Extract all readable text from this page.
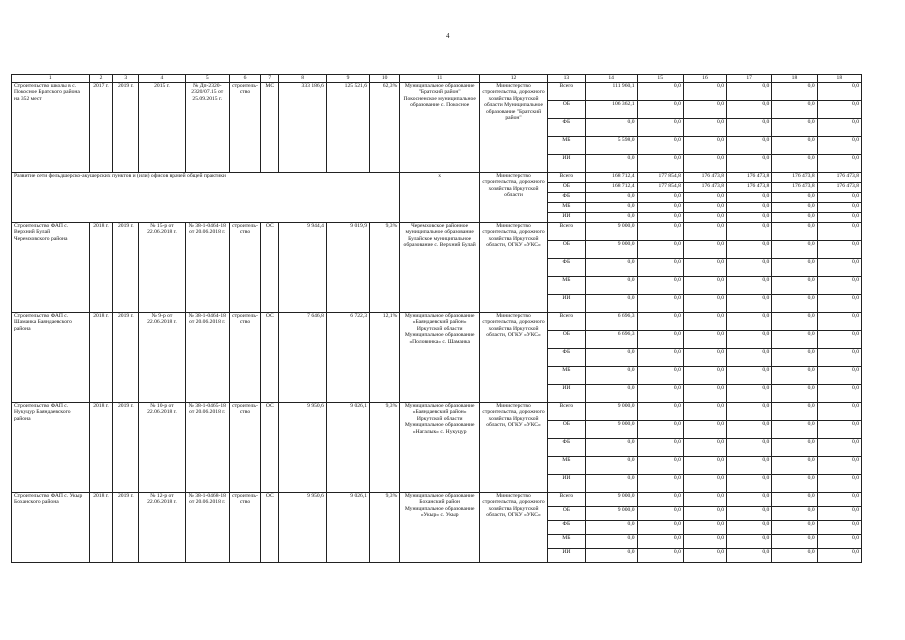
4
1	2	3	4	5	6	7	8	9	10	11	12	13	14	15	16	17	18	18
Строительство школы в с. Покосное Братского района на 352 мест	2017 г.	2019 г.	2015 г.	№ Дп-2320-2320/07.15 от 25.09.2015 г.	строитель-ство	МС	333 186,6	125 521,6	62,3%	Муниципальное образование "Братский район" Покосненское муниципальное образование с. Покосное	Министерство строительства, дорожного хозяйства Иркутской области Муниципальное образование "Братский район"	Всего	111 960,1	0,0	0,0	0,0	0,0	0,0
												ОБ	106 362,1	0,0	0,0	0,0	0,0	0,0
												ФБ	0,0	0,0	0,0	0,0	0,0	0,0
												МБ	5 598,0	0,0	0,0	0,0	0,0	0,0
												ИИ	0,0	0,0	0,0	0,0	0,0	0,0
Развитие сети фельдшерско-акушерских пунктов и (или) офисов врачей общей практики										х	Министерство строительства, дорожного хозяйства Иркутской области	Всего	168 712,4	177 854,8	176 473,8	176 473,8	176 473,8	176 473,8
												ОБ	168 712,4	177 854,8	176 473,8	176 473,8	176 473,8	176 473,8
												ФБ	0,0	0,0	0,0	0,0	0,0	0,0
												МБ	0,0	0,0	0,0	0,0	0,0	0,0
												ИИ	0,0	0,0	0,0	0,0	0,0	0,0
Строительство ФАП с. Верхний Булай Черемховского района	2018 г.	2019 г.	№ 15-р от 22.06.2018 г.	№ 38-1-0464-18 от 20.06.2018 г.	строитель-ство	ОС	9 944,4	9 019,9	9,3%	Черемховское районное муниципальное образование Булайское муниципальное образование с. Верхний Булай	Министерство строительства, дорожного хозяйства Иркутской области, ОГКУ «УКС»	Всего	9 000,0	0,0	0,0	0,0	0,0	0,0
												ОБ	9 000,0	0,0	0,0	0,0	0,0	0,0
												ФБ	0,0	0,0	0,0	0,0	0,0	0,0
												МБ	0,0	0,0	0,0	0,0	0,0	0,0
												ИИ	0,0	0,0	0,0	0,0	0,0	0,0
Строительство ФАП с. Шамаика Баяндаевского района	2018 г.	2019 г.	№ 9-р от 22.06.2018 г.	№ 38-1-0464-18 от 20.06.2018 г.	строитель-ство	ОС	7 646,8	6 722,3	12,1%	Муниципальное образование «Баяндаевский район» Иркутской области Муниципальное образование «Половинка» с. Шамаика	Министерство строительства, дорожного хозяйства Иркутской области, ОГКУ «УКС»	Всего	6 696,3	0,0	0,0	0,0	0,0	0,0
												ОБ	6 696,3	0,0	0,0	0,0	0,0	0,0
												ФБ	0,0	0,0	0,0	0,0	0,0	0,0
												МБ	0,0	0,0	0,0	0,0	0,0	0,0
												ИИ	0,0	0,0	0,0	0,0	0,0	0,0
Строительство ФАП с. Нукуцур Баяндаевского района	2018 г.	2019 г.	№ 10-р от 22.06.2018 г.	№ 38-1-0465-18 от 20.06.2018 г.	строитель-ство	ОС	9 950,6	9 026,1	9,3%	Муниципальное образование «Баяндаевский район» Иркутской области Муниципальное образование «Нагалык» с. Нукуцур	Министерство строительства, дорожного хозяйства Иркутской области, ОГКУ «УКС»	Всего	9 000,0	0,0	0,0	0,0	0,0	0,0
												ОБ	9 000,0	0,0	0,0	0,0	0,0	0,0
												ФБ	0,0	0,0	0,0	0,0	0,0	0,0
												МБ	0,0	0,0	0,0	0,0	0,0	0,0
												ИИ	0,0	0,0	0,0	0,0	0,0	0,0
Строительство ФАП с. Укыр Боханского района	2018 г.	2019 г.	№ 12-р от 22.06.2018 г.	№ 38-1-0468-18 от 20.06.2018 г.	строитель-ство	ОС	9 950,6	9 026,1	9,3%	Муниципальное образование Боханский район Муниципальное образование «Укыр» с. Укыр	Министерство строительства, дорожного хозяйства Иркутской области, ОГКУ «УКС»	Всего	9 000,0	0,0	0,0	0,0	0,0	0,0
												ОБ	9 000,0	0,0	0,0	0,0	0,0	0,0
												ФБ	0,0	0,0	0,0	0,0	0,0	0,0
												МБ	0,0	0,0	0,0	0,0	0,0	0,0
												ИИ	0,0	0,0	0,0	0,0	0,0	0,0
